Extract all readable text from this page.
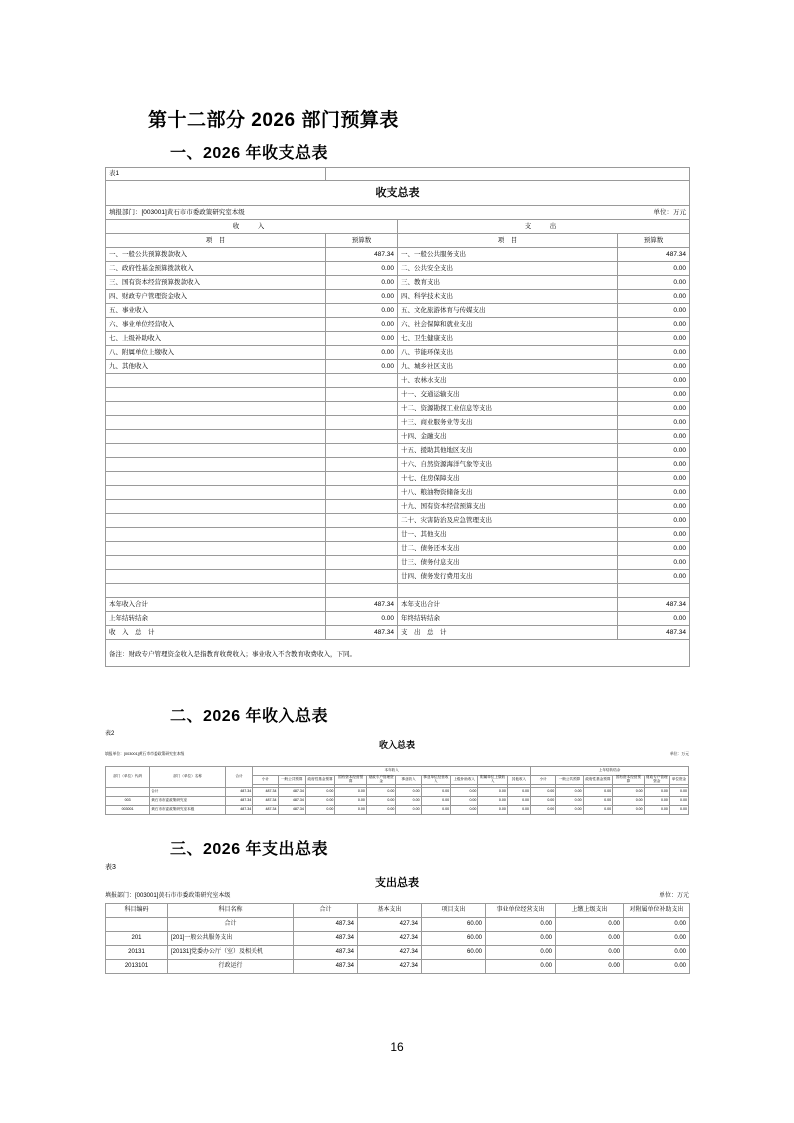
第十二部分 2026 部门预算表
一、2026 年收支总表
二、2026 年收入总表
三、2026 年支出总表
表1			
收支总表			
填报部门：[003001]黄石市市委政策研究室本级			单位：万元
收　入		支　出	
项　目	预算数	项　目	预算数
一、一般公共预算拨款收入	487.34	一、一般公共服务支出	487.34
二、政府性基金预算拨款收入	0.00	二、公共安全支出	0.00
三、国有资本经营预算拨款收入	0.00	三、教育支出	0.00
四、财政专户管理资金收入	0.00	四、科学技术支出	0.00
五、事业收入	0.00	五、文化旅游体育与传媒支出	0.00
六、事业单位经营收入	0.00	六、社会保障和就业支出	0.00
七、上级补助收入	0.00	七、卫生健康支出	0.00
八、附属单位上缴收入	0.00	八、节能环保支出	0.00
九、其他收入	0.00	九、城乡社区支出	0.00
		十、农林水支出	0.00
		十一、交通运输支出	0.00
		十二、资源勘探工业信息等支出	0.00
		十三、商业服务业等支出	0.00
		十四、金融支出	0.00
		十五、援助其他地区支出	0.00
		十六、自然资源海洋气象等支出	0.00
		十七、住房保障支出	0.00
		十八、粮油物资储备支出	0.00
		十九、国有资本经营预算支出	0.00
		二十、灾害防治及应急管理支出	0.00
		廿一、其他支出	0.00
		廿二、债务还本支出	0.00
		廿三、债务付息支出	0.00
		廿四、债务发行费用支出	0.00

本年收入合计	487.34	本年支出合计	487.34
上年结转结余	0.00	年终结转结余	0.00
收　入　总　计	487.34	支　出　总　计	487.34
备注：财政专户管理资金收入是指教育收费收入；事业收入不含教育收费收入，下同。			
表2
收入总表
填报单位：[003001]黄石市市委政策研究室本级	单位：万元
部门（单位）代码	部门（单位）名称	合计	本年收入										上年结转结余					
			小计	一般公共预算	政府性基金预算	国有资本经营预算	财政专户管理资金	事业收入	事业单位经营收入	上级补助收入	附属单位上缴收入	其他收入	小计	一般公共预算	政府性基金预算	国有资本经营预算	财政专户管理资金	单位资金

	合计	487.34	487.34	487.34	0.00	0.00	0.00	0.00	0.00	0.00	0.00	0.00	0.00	0.00	0.00	0.00	0.00	0.00
003	黄石市市委政策研究室	487.34	487.34	487.34	0.00	0.00	0.00	0.00	0.00	0.00	0.00	0.00	0.00	0.00	0.00	0.00	0.00	0.00
003001	黄石市市委政策研究室本级	487.34	487.34	487.34	0.00	0.00	0.00	0.00	0.00	0.00	0.00	0.00	0.00	0.00	0.00	0.00	0.00	0.00
表3
支出总表
填报部门：[003001]黄石市市委政策研究室本级	单位：万元
科目编码	科目名称	合计	基本支出	项目支出	事业单位经营支出	上缴上级支出	对附属单位补助支出
	合计	487.34	427.34	60.00	0.00	0.00	0.00
201	[201]一般公共服务支出	487.34	427.34	60.00	0.00	0.00	0.00
20131	[20131]党委办公厅（室）及相关机	487.34	427.34	60.00	0.00	0.00	0.00
2013101	行政运行	487.34	427.34		0.00	0.00	0.00
16
